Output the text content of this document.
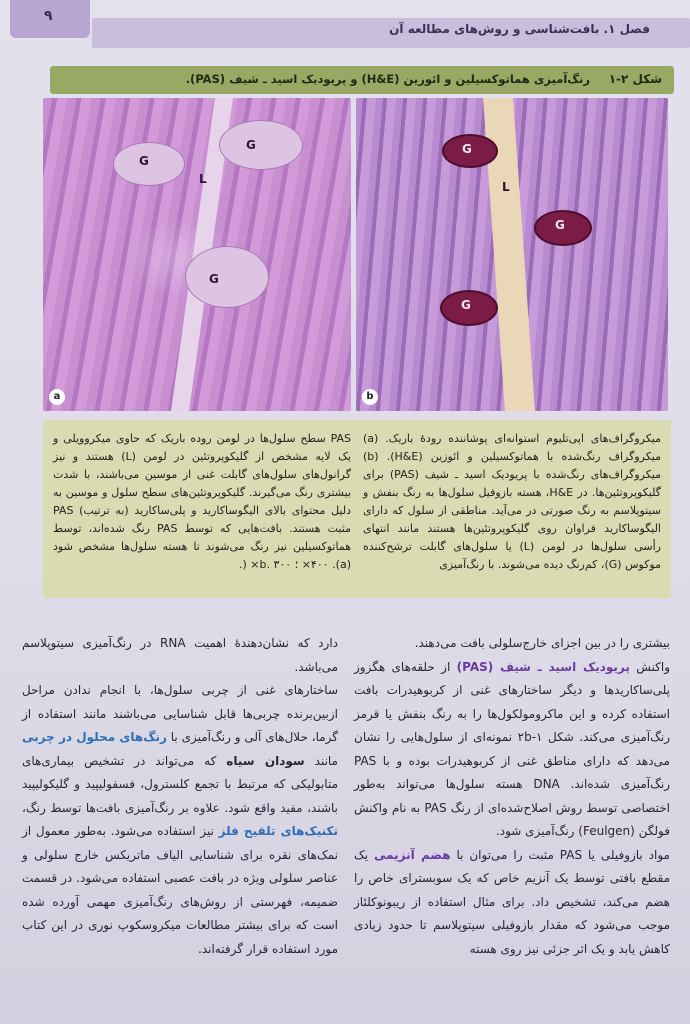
۹
فصل ۱. بافت‌شناسی و روش‌های مطالعه آن
شکل ۲-۱
رنگ‌آمیزی هماتوکسیلین و ائوزین (H&E) و پریودیک اسید ـ شیف (PAS).
G
G
G
L
a
G
G
G
L
b
میکروگراف‌های اپی‌تلیوم استوانه‌ای پوشاننده رودهٔ باریک. (a) میکروگراف رنگ‌شده با هماتوکسیلین و ائوزین (H&E). (b) میکروگراف‌های رنگ‌شده با پریودیک اسید ـ شیف (PAS) برای گلیکوپروتئین‌ها. در H&E، هسته بازوفیل سلول‌ها به رنگ بنفش و سیتوپلاسم به رنگ صورتی در می‌آید. مناطقی از سلول که دارای الیگوساکارید فراوان روی گلیکوپروتئین‌ها هستند مانند انتهای رأسی سلول‌ها در لومن (L) یا سلول‌های گابلت ترشح‌کننده موکوس (G)، کم‌رنگ دیده می‌شوند. با رنگ‌آمیزی
PAS سطح سلول‌ها در لومن روده باریک که حاوی میکروویلی و یک لایه مشخص از گلیکوپروتئین در لومن (L) هستند و نیز گرانول‌های سلول‌های گابلت غنی از موسین می‌باشند، با شدت بیشتری رنگ می‌گیرند. گلیکوپروتئین‌های سطح سلول و موسین به دلیل محتوای بالای الیگوساکارید و پلی‌ساکارید (به ترتیب) PAS مثبت هستند. بافت‌هایی که توسط PAS رنگ شده‌اند، توسط هماتوکسیلین نیز رنگ می‌شوند تا هسته سلول‌ها مشخص شود (a). ۴۰۰× ؛ b. ۳۰۰× (.
بیشتری را در بین اجزای خارج‌سلولی بافت می‌دهند.
واکنش پریودیک اسید ـ شیف (PAS) از حلقه‌های هگزوز پلی‌ساکاریدها و دیگر ساختارهای غنی از کربوهیدرات بافت استفاده کرده و این ماکرومولکول‌ها را به رنگ بنفش یا قرمز رنگ‌آمیزی می‌کند. شکل ۲b-۱ نمونه‌ای از سلول‌هایی را نشان می‌دهد که دارای مناطق غنی از کربوهیدرات بوده و با PAS رنگ‌آمیزی شده‌اند. DNA هسته سلول‌ها می‌تواند به‌طور اختصاصی توسط روش اصلاح‌شده‌ای از رنگ PAS به نام واکنش فولگن (Feulgen) رنگ‌آمیزی شود.
مواد بازوفیلی یا PAS مثبت را می‌توان با هضم آنزیمی یک مقطع بافتی توسط یک آنزیم خاص که یک سوبسترای خاص را هضم می‌کند، تشخیص داد. برای مثال استفاده از ریبونوکلئاز موجب می‌شود که مقدار بازوفیلی سیتوپلاسم تا حدود زیادی کاهش یابد و یک اثر جزئی نیز روی هسته
دارد که نشان‌دهندهٔ اهمیت RNA در رنگ‌آمیزی سیتوپلاسم می‌باشد.
ساختارهای غنی از چربی سلول‌ها، با انجام ندادن مراحل ازبین‌برنده چربی‌ها قابل شناسایی می‌باشند مانند استفاده از گرما، حلال‌های آلی و رنگ‌آمیزی با رنگ‌های محلول در چربی مانند سودان سیاه که می‌تواند در تشخیص بیماری‌های متابولیکی که مرتبط با تجمع کلسترول، فسفولیپید و گلیکولیپید باشند، مفید واقع شود. علاوه بر رنگ‌آمیزی بافت‌ها توسط رنگ، تکنیک‌های تلقیح فلز نیز استفاده می‌شود. به‌طور معمول از نمک‌های نقره برای شناسایی الیاف ماتریکس خارج سلولی و عناصر سلولی ویژه در بافت عصبی استفاده می‌شود. در قسمت ضمیمه، فهرستی از روش‌های رنگ‌آمیزی مهمی آورده شده است که برای بیشتر مطالعات میکروسکوپ نوری در این کتاب مورد استفاده قرار گرفته‌اند.
